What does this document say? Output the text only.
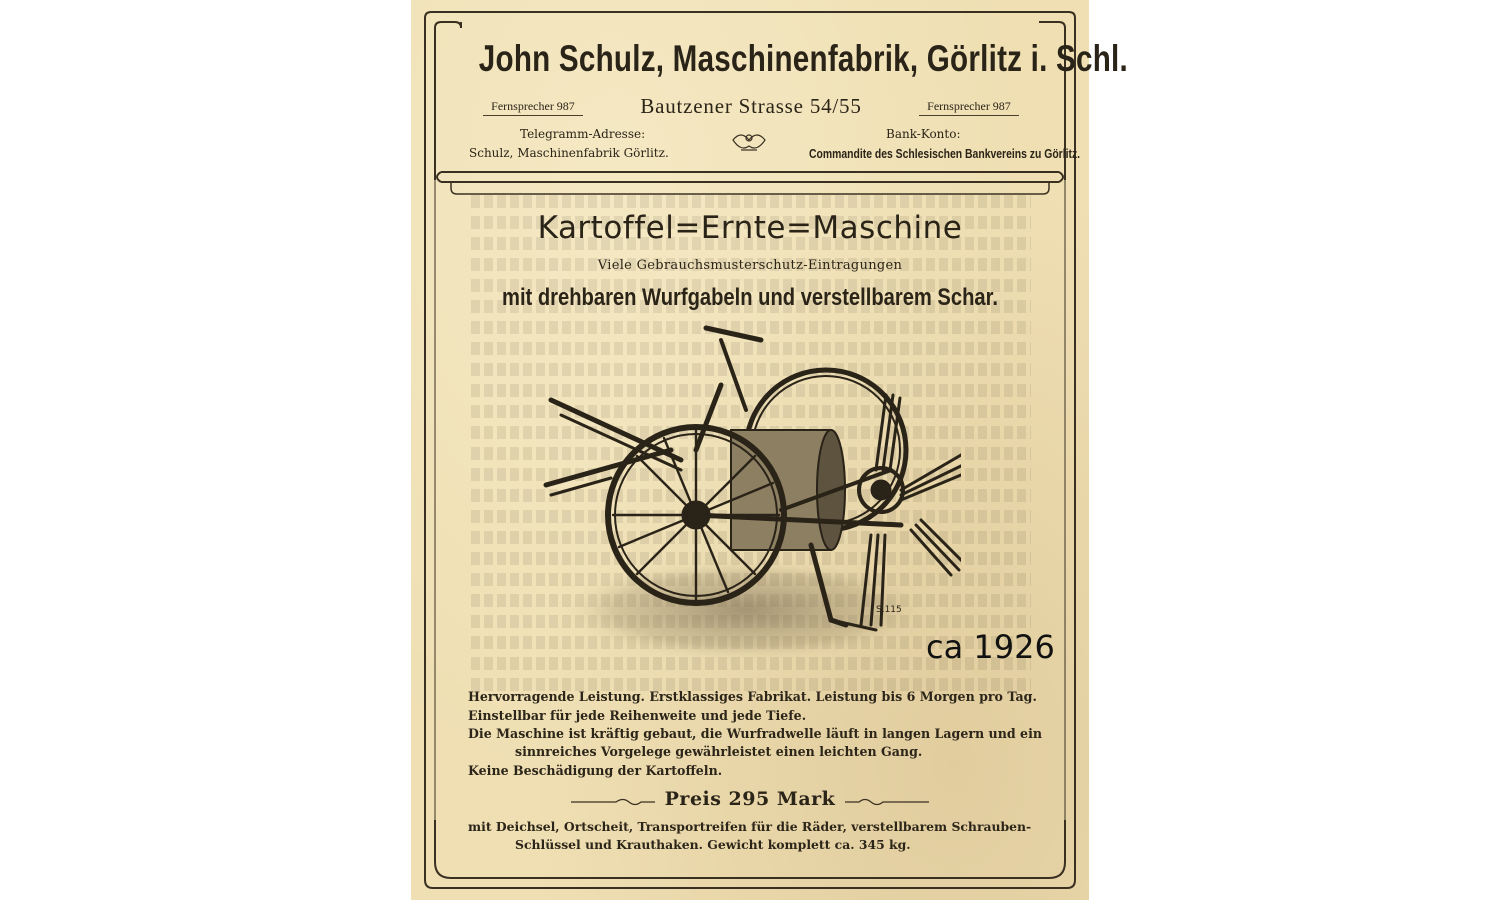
John Schulz, Maschinenfabrik, Görlitz i. Schl.

Fernsprecher 987	Bautzener Strasse 54/55	Fernsprecher 987

Telegramm-Adresse:

Schulz, Maschinenfabrik Görlitz.

Bank-Konto:

Commandite des Schlesischen Bankvereins zu Görlitz.

Kartoffel=Ernte=Maschine

Viele Gebrauchsmusterschutz-Eintragungen

mit drehbaren Wurfgabeln und verstellbarem Schar.

S.115

ca 1926

Hervorragende Leistung. Erstklassiges Fabrikat. Leistung bis 6 Morgen pro Tag.

Einstellbar für jede Reihenweite und jede Tiefe.

Die Maschine ist kräftig gebaut, die Wurfradwelle läuft in langen Lagern und ein

sinnreiches Vorgelege gewährleistet einen leichten Gang.

Keine Beschädigung der Kartoffeln.

Preis 295 Mark

mit Deichsel, Ortscheit, Transportreifen für die Räder, verstellbarem Schrauben-

Schlüssel und Krauthaken. Gewicht komplett ca. 345 kg.
